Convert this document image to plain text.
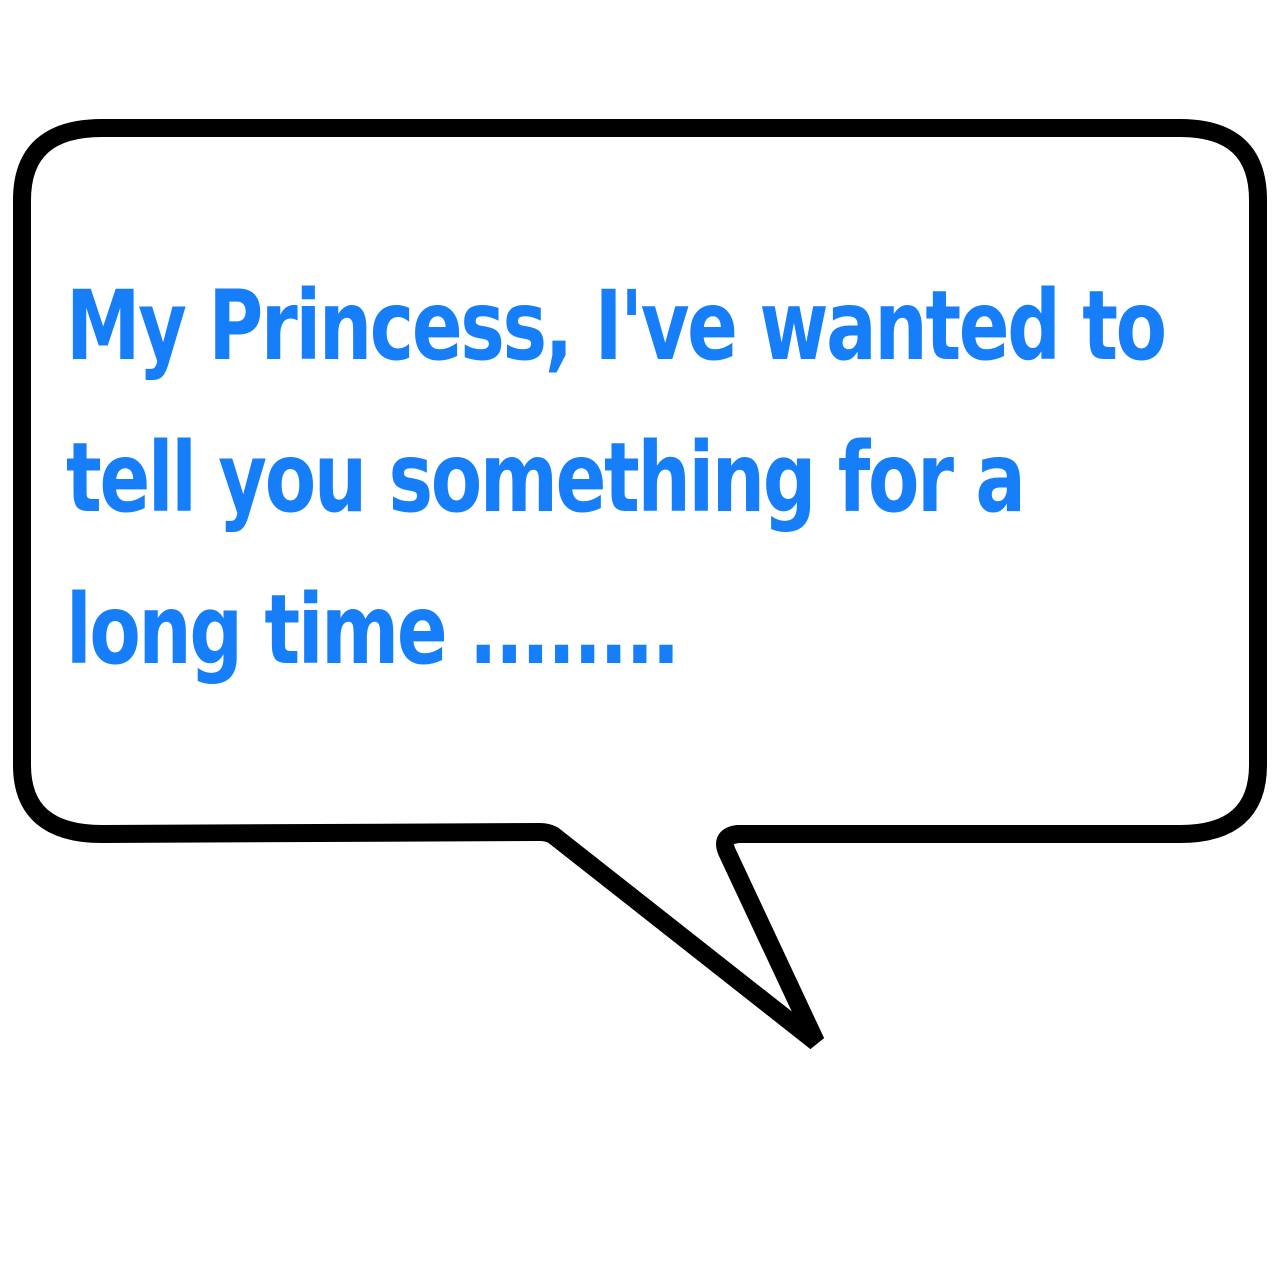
My Princess, I've wanted to
tell you something for a
long time ........
